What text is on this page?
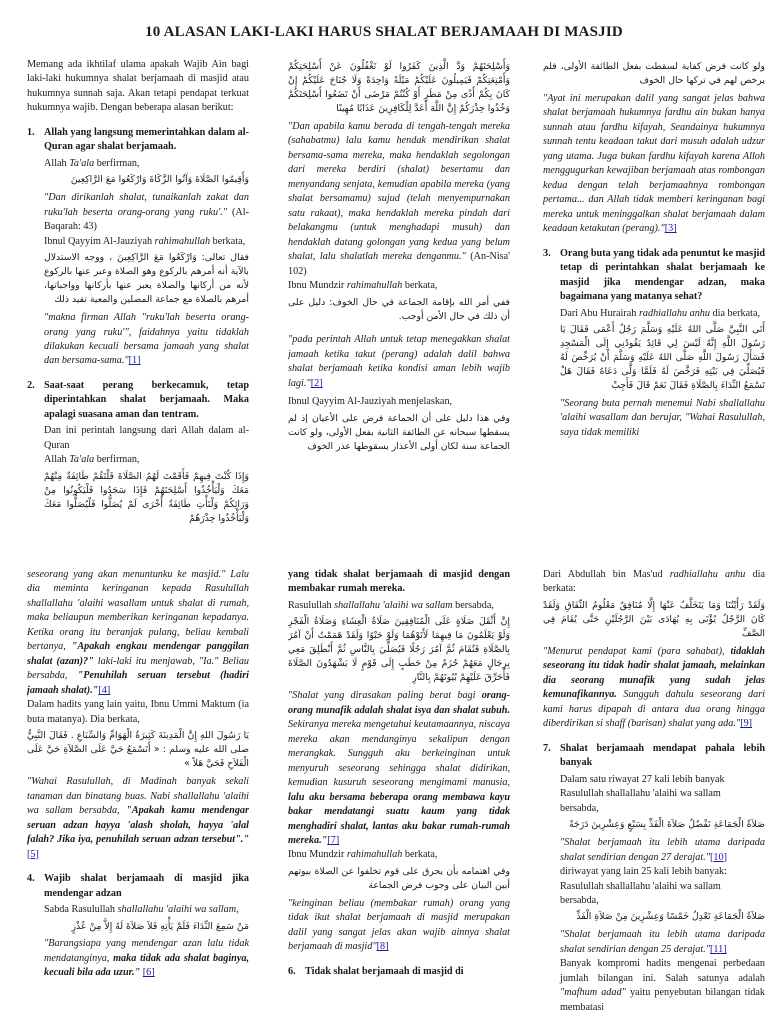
10 ALASAN LAKI-LAKI HARUS SHALAT BERJAMAAH DI MASJID

Memang ada ikhtilaf ulama apakah Wajib Ain bagi laki-laki hukumnya shalat berjamaah di masjid atau hukumnya sunnah saja. Akan tetapi pendapat terkuat hukumnya wajib. Dengan beberapa alasan berikut:

1. Allah yang langsung memerintahkan dalam al-Quran agar shalat berjamaah.
Allah Ta'ala berfirman,
وَأَقِيمُوا الصَّلَاةَ وَآتُوا الزَّكَاةَ وَارْكَعُوا مَعَ الرَّاكِعِينَ
"Dan dirikanlah shalat, tunaikanlah zakat dan ruku'lah beserta orang-orang yang ruku'." (Al-Baqarah: 43)
Ibnul Qayyim Al-Jauziyah rahimahullah berkata,
فقال تعالى: وَارْكَعُوا مَعَ الرَّاكِعِينَ ، ووجه الاستدلال بالآية أنه أمرهم بالركوع وهو الصلاة وعبر عنها بالركوع لأنه من أركانها والصلاة يعبر عنها بأركانها وواجباتها، أمرهم بالصلاة مع جماعة المصلين والمعية تفيد ذلك
"makna firman Allah "ruku'lah beserta orang-orang yang ruku'", faidahnya yaitu tidaklah dilakukan kecuali bersama jamaah yang shalat dan bersama-sama."[1]
2. Saat-saat perang berkecamuk, tetap diperintahkan shalat berjamaah. Maka apalagi suasana aman dan tentram.
Dan ini perintah langsung dari Allah dalam al-Quran
Allah Ta'ala berfirman,
وَإِذَا كُنْتَ فِيهِمْ فَأَقَمْتَ لَهُمُ الصَّلَاةَ فَلْتَقُمْ طَائِفَةٌ مِنْهُمْ مَعَكَ وَلْيَأْخُذُوا أَسْلِحَتَهُمْ فَإِذَا سَجَدُوا فَلْيَكُونُوا مِنْ وَرَائِكُمْ وَلْتَأْتِ طَائِفَةٌ أُخْرَى لَمْ يُصَلُّوا فَلْيُصَلُّوا مَعَكَ وَلْيَأْخُذُوا حِذْرَهُمْ
وَأَسْلِحَتَهُمْ وَدَّ الَّذِينَ كَفَرُوا لَوْ تَغْفُلُونَ عَنْ أَسْلِحَتِكُمْ وَأَمْتِعَتِكُمْ فَيَمِيلُونَ عَلَيْكُمْ مَيْلَةً وَاحِدَةً وَلَا جُنَاحَ عَلَيْكُمْ إِنْ كَانَ بِكُمْ أَذًى مِنْ مَطَرٍ أَوْ كُنْتُمْ مَرْضَى أَنْ تَضَعُوا أَسْلِحَتَكُمْ وَخُذُوا حِذْرَكُمْ إِنَّ اللَّهَ أَعَدَّ لِلْكَافِرِينَ عَذَابًا مُهِينًا
"Dan apabila kamu berada di tengah-tengah mereka (sahabatmu) lalu kamu hendak mendirikan shalat bersama-sama mereka, maka hendaklah segolongan dari mereka berdiri (shalat) besertamu dan menyandang senjata, kemudian apabila mereka (yang shalat bersamamu) sujud (telah menyempurnakan satu rakaat), maka hendaklah mereka pindah dari belakangmu (untuk menghadapi musuh) dan hendaklah datang golongan yang kedua yang belum shalat, lalu shalatlah mereka denganmu." (An-Nisa' 102)
Ibnu Mundzir rahimahullah berkata,
ففي أمر الله بإقامة الجماعة في حال الخوف: دليل على أن ذلك في حال الأمن أوجب.
"pada perintah Allah untuk tetap menegakkan shalat jamaah ketika takut (perang) adalah dalil bahwa shalat berjamaah ketika kondisi aman lebih wajib lagi."[2]
Ibnul Qayyim Al-Jauziyah menjelaskan,
وفي هذا دليل على أن الجماعة فرض على الأعيان إذ لم يسقطها سبحانه عن الطائفة الثانية بفعل الأولى، ولو كانت الجماعة سنة لكان أولى الأعذار بسقوطها عذر الخوف
ولو كانت فرض كفاية لسقطت بفعل الطائفة الأولى، فلم يرخص لهم في تركها حال الخوف
"Ayat ini merupakan dalil yang sangat jelas bahwa shalat berjamaah hukumnya fardhu ain bukan hanya sunnah atau fardhu kifayah, Seandainya hukumnya sunnah tentu keadaan takut dari musuh adalah udzur yang utama. Juga bukan fardhu kifayah karena Alloh menggugurkan kewajiban berjamaah atas rombongan kedua dengan telah berjamaahnya rombongan pertama... dan Allah tidak memberi keringanan bagi mereka untuk meninggalkan shalat berjamaah dalam keadaan ketakutan (perang)."[3]
3. Orang buta yang tidak ada penuntut ke masjid tetap di perintahkan shalat berjamaah ke masjid jika mendengar adzan, maka bagaimana yang matanya sehat?
Dari Abu Hurairah radhiallahu anhu dia berkata,
أَتَى النَّبِيَّ صَلَّى اللهُ عَلَيْهِ وَسَلَّمَ رَجُلٌ أَعْمَى فَقَالَ يَا رَسُولَ اللَّهِ إِنَّهُ لَيْسَ لِي قَائِدٌ يَقُودُنِي إِلَى الْمَسْجِدِ فَسَأَلَ رَسُولَ اللَّهِ صَلَّى اللهُ عَلَيْهِ وَسَلَّمَ أَنْ يُرَخِّصَ لَهُ فَيُصَلِّيَ فِي بَيْتِهِ فَرَخَّصَ لَهُ فَلَمَّا وَلَّى دَعَاهُ فَقَالَ هَلْ تَسْمَعُ النِّدَاءَ بِالصَّلَاةِ فَقَالَ نَعَمْ قَالَ فَأَجِبْ
"Seorang buta pernah menemui Nabi shallallahu 'alaihi wasallam dan berujar, "Wahai Rasulullah, saya tidak memiliki
seseorang yang akan menuntunku ke masjid." Lalu dia meminta keringanan kepada Rasulullah shallallahu 'alaihi wasallam untuk shalat di rumah, maka beliaupun memberikan keringanan kepadanya. Ketika orang itu beranjak pulang, beliau kembali bertanya, "Apakah engkau mendengar panggilan shalat (azan)?" laki-laki itu menjawab, "Ia." Beliau bersabda, "Penuhilah seruan tersebut (hadiri jamaah shalat)."[4]
Dalam hadits yang lain yaitu, Ibnu Ummi Maktum (ia buta matanya). Dia berkata,
يَا رَسُولَ اللهِ إِنَّ الْمَدِينَةَ كَثِيرَةُ الْهَوَامِّ وَالسِّبَاعِ . فَقَالَ النَّبِيُّ صلى الله عليه وسلم : « أَتَسْمَعُ حَيَّ عَلَى الصَّلاَةِ حَيَّ عَلَى الْفَلاَحِ فَحَيَّ هَلاً »
"Wahai Rasulullah, di Madinah banyak sekali tanaman dan binatang buas. Nabi shallallahu 'alaihi wa sallam bersabda, "Apakah kamu mendengar seruan adzan hayya 'alash sholah, hayya 'alal falah? Jika iya, penuhilah seruan adzan tersebut"."[5]
4. Wajib shalat berjamaah di masjid jika mendengar adzan
Sabda Rasulullah shallallahu 'alaihi wa sallam,
مَنْ سَمِعَ النِّدَاءَ فَلَمْ يَأْتِهِ فَلاَ صَلاَةَ لَهُ إِلاَّ مِنْ عُذْرٍ
"Barangsiapa yang mendengar azan lalu tidak mendatanginya, maka tidak ada shalat baginya, kecuali bila ada uzur." [6]
yang tidak shalat berjamaah di masjid dengan membakar rumah mereka.
Rasulullah shallallahu 'alaihi wa sallam bersabda,
إِنَّ أَثْقَلَ صَلَاةٍ عَلَى الْمُنَافِقِينَ صَلَاةُ الْعِشَاءِ وَصَلَاةُ الْفَجْرِ وَلَوْ يَعْلَمُونَ مَا فِيهِمَا لَأَتَوْهُمَا وَلَوْ حَبْوًا وَلَقَدْ هَمَمْتُ أَنْ آمُرَ بِالصَّلَاةِ فَتُقَامَ ثُمَّ آمُرَ رَجُلًا فَيُصَلِّيَ بِالنَّاسِ ثُمَّ أَنْطَلِقَ مَعِي بِرِجَالٍ مَعَهُمْ حُزَمٌ مِنْ حَطَبٍ إِلَى قَوْمٍ لَا يَشْهَدُونَ الصَّلَاةَ فَأُحَرِّقَ عَلَيْهِمْ بُيُوتَهُمْ بِالنَّارِ
"Shalat yang dirasakan paling berat bagi orang-orang munafik adalah shalat isya dan shalat subuh. Sekiranya mereka mengetahui keutamaannya, niscaya mereka akan mendanginya sekalipun dengan merangkak. Sungguh aku berkeinginan untuk menyuruh seseorang sehingga shalat didirikan, kemudian kusuruh seseorang mengimami manusia, lalu aku bersama beberapa orang membawa kayu bakar mendatangi suatu kaum yang tidak menghadiri shalat, lantas aku bakar rumah-rumah mereka."[7]
Ibnu Mundzir rahimahullah berkata,
وفي اهتمامه بأن يحرق على قوم تخلفوا عن الصلاة بيوتهم أبين البيان على وجوب فرض الجماعة
"keinginan beliau (membakar rumah) orang yang tidak ikut shalat berjamaah di masjid merupakan dalil yang sangat jelas akan wajib ainnya shalat berjamaah di masjid"[8]
6. Tidak shalat berjamaah di masjid di
Dari Abdullah bin Mas'ud radhiallahu anhu dia berkata:
وَلَقَدْ رَأَيْتُنَا وَمَا يَتَخَلَّفُ عَنْهَا إِلَّا مُنَافِقٌ مَعْلُومُ النِّفَاقِ وَلَقَدْ كَانَ الرَّجُلُ يُؤْتَى بِهِ يُهَادَى بَيْنَ الرَّجُلَيْنِ حَتَّى يُقَامَ فِي الصَّفِّ
"Menurut pendapat kami (para sahabat), tidaklah seseorang itu tidak hadir shalat jamaah, melainkan dia seorang munafik yang sudah jelas kemunafikannya. Sungguh dahulu seseorang dari kami harus dipapah di antara dua orang hingga diberdirikan si shaff (barisan) shalat yang ada."[9]
7. Shalat berjamaah mendapat pahala lebih banyak
Dalam satu riwayat 27 kali lebih banyak
Rasulullah shallallahu 'alaihi wa sallam
bersabda,
صَلاَةُ الْجَمَاعَةِ تَفْضُلُ صَلاَةَ الْفَذِّ بِسَبْعٍ وَعِشْرِينَ دَرَجَةً
"Shalat berjamaah itu lebih utama daripada shalat sendirian dengan 27 derajat."[10]
diriwayat yang lain 25 kali lebih banyak:
Rasulullah shallallahu 'alaihi wa sallam
bersabda,
صَلاَةُ الْجَمَاعَةِ تَعْدِلُ خَمْسًا وَعِشْرِينَ مِنْ صَلاَةِ الْفَذِّ
"Shalat berjamaah itu lebih utama daripada shalat sendirian dengan 25 derajat."[11]
Banyak kompromi hadits mengenai perbedaan jumlah bilangan ini. Salah satunya adalah "mafhum adad" yaitu penyebutan bilangan tidak membatasi
